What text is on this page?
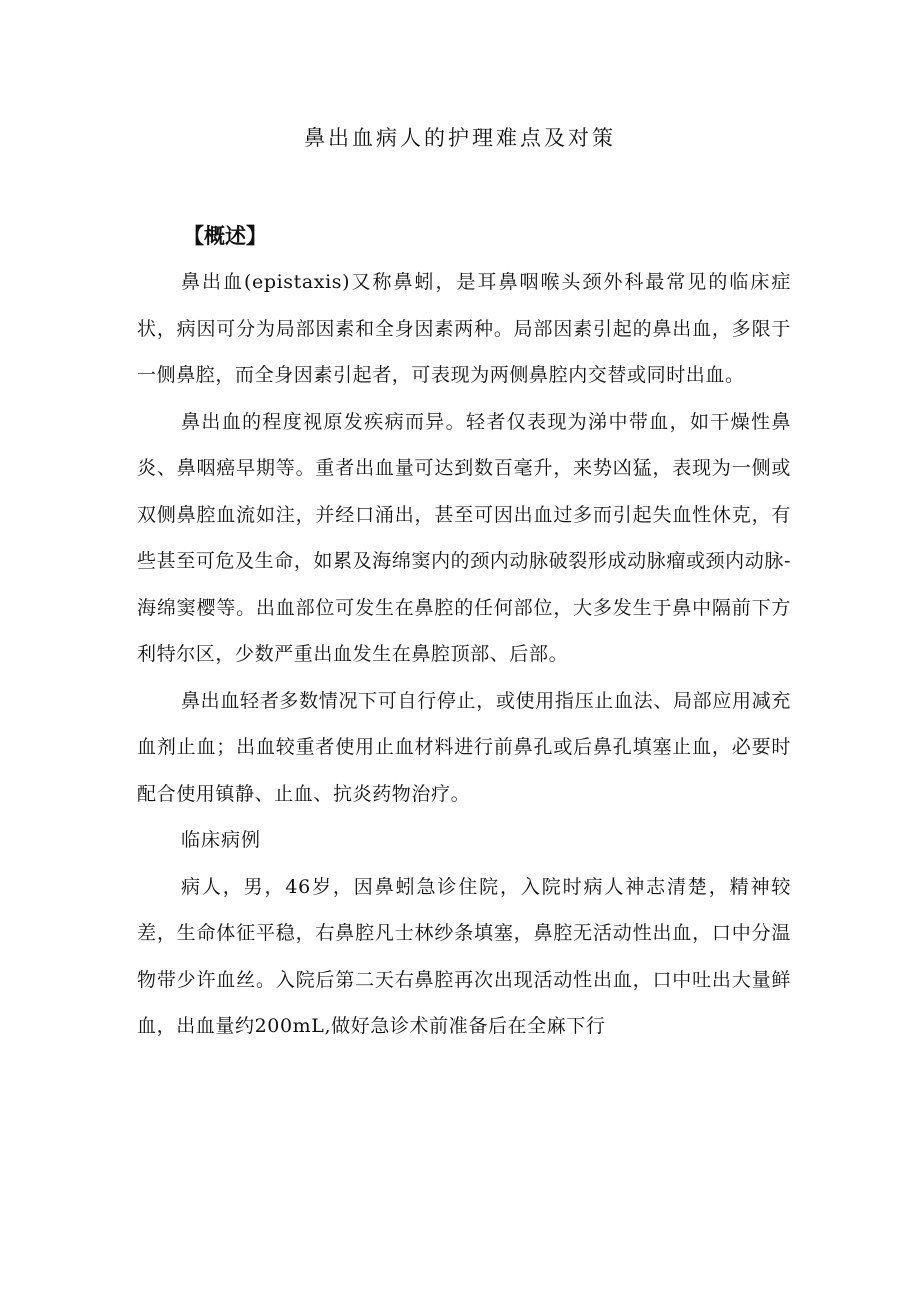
鼻出血病人的护理难点及对策

【概述】

鼻出血(epistaxis)又称鼻蚓，是耳鼻咽喉头颈外科最常见的临床症状，病因可分为局部因素和全身因素两种。局部因素引起的鼻出血，多限于一侧鼻腔，而全身因素引起者，可表现为两侧鼻腔内交替或同时出血。

鼻出血的程度视原发疾病而异。轻者仅表现为涕中带血，如干燥性鼻炎、鼻咽癌早期等。重者出血量可达到数百毫升，来势凶猛，表现为一侧或双侧鼻腔血流如注，并经口涌出，甚至可因出血过多而引起失血性休克，有些甚至可危及生命，如累及海绵窦内的颈内动脉破裂形成动脉瘤或颈内动脉-海绵窦樱等。出血部位可发生在鼻腔的任何部位，大多发生于鼻中隔前下方利特尔区，少数严重出血发生在鼻腔顶部、后部。

鼻出血轻者多数情况下可自行停止，或使用指压止血法、局部应用减充血剂止血；出血较重者使用止血材料进行前鼻孔或后鼻孔填塞止血，必要时配合使用镇静、止血、抗炎药物治疗。

临床病例

病人，男，46岁，因鼻蚓急诊住院，入院时病人神志清楚，精神较差，生命体征平稳，右鼻腔凡士林纱条填塞，鼻腔无活动性出血，口中分温物带少许血丝。入院后第二天右鼻腔再次出现活动性出血，口中吐出大量鲜血，出血量约200mL,做好急诊术前准备后在全麻下行
